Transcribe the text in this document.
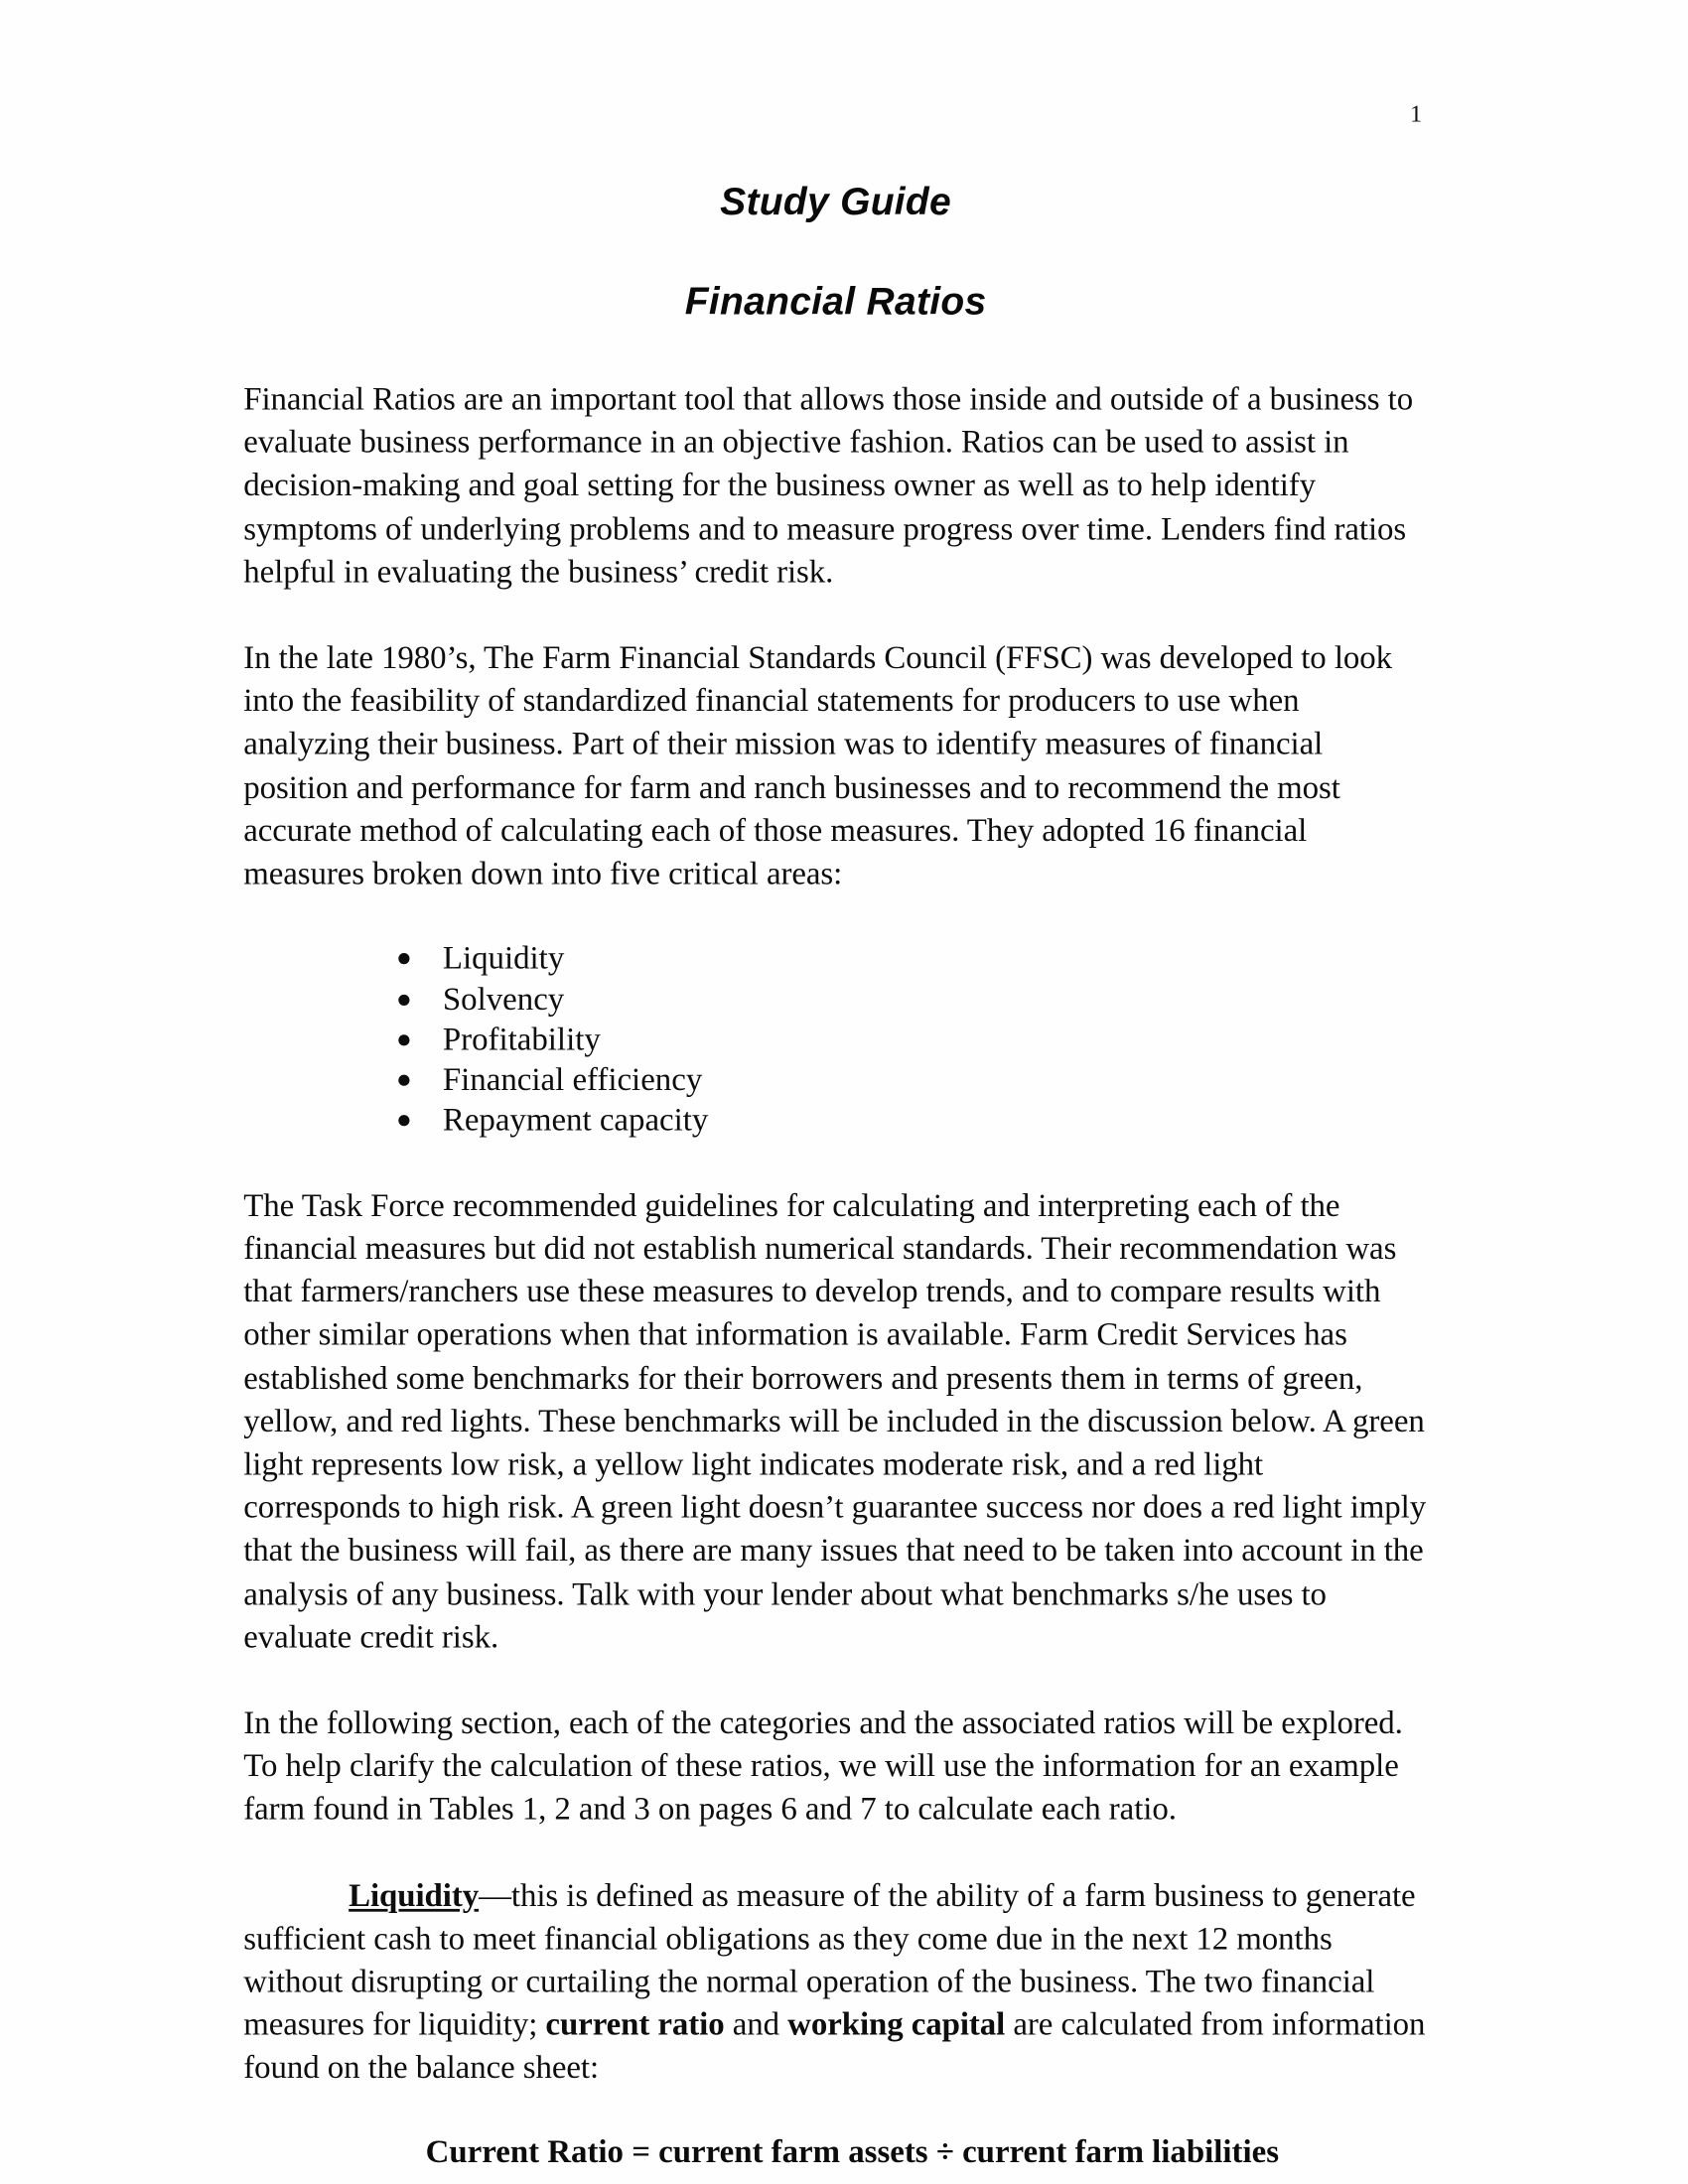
1
Study Guide
Financial Ratios

Financial Ratios are an important tool that allows those inside and outside of a business to evaluate business performance in an objective fashion. Ratios can be used to assist in decision-making and goal setting for the business owner as well as to help identify symptoms of underlying problems and to measure progress over time. Lenders find ratios helpful in evaluating the business’ credit risk.

In the late 1980’s, The Farm Financial Standards Council (FFSC) was developed to look into the feasibility of standardized financial statements for producers to use when analyzing their business. Part of their mission was to identify measures of financial position and performance for farm and ranch businesses and to recommend the most accurate method of calculating each of those measures. They adopted 16 financial measures broken down into five critical areas:

Liquidity
Solvency
Profitability
Financial efficiency
Repayment capacity

The Task Force recommended guidelines for calculating and interpreting each of the financial measures but did not establish numerical standards. Their recommendation was that farmers/ranchers use these measures to develop trends, and to compare results with other similar operations when that information is available. Farm Credit Services has established some benchmarks for their borrowers and presents them in terms of green, yellow, and red lights. These benchmarks will be included in the discussion below. A green light represents low risk, a yellow light indicates moderate risk, and a red light corresponds to high risk. A green light doesn’t guarantee success nor does a red light imply that the business will fail, as there are many issues that need to be taken into account in the analysis of any business. Talk with your lender about what benchmarks s/he uses to evaluate credit risk.

In the following section, each of the categories and the associated ratios will be explored. To help clarify the calculation of these ratios, we will use the information for an example farm found in Tables 1, 2 and 3 on pages 6 and 7 to calculate each ratio.

Liquidity—this is defined as measure of the ability of a farm business to generate sufficient cash to meet financial obligations as they come due in the next 12 months without disrupting or curtailing the normal operation of the business. The two financial measures for liquidity; current ratio and working capital are calculated from information found on the balance sheet:

Current Ratio = current farm assets ÷ current farm liabilities
